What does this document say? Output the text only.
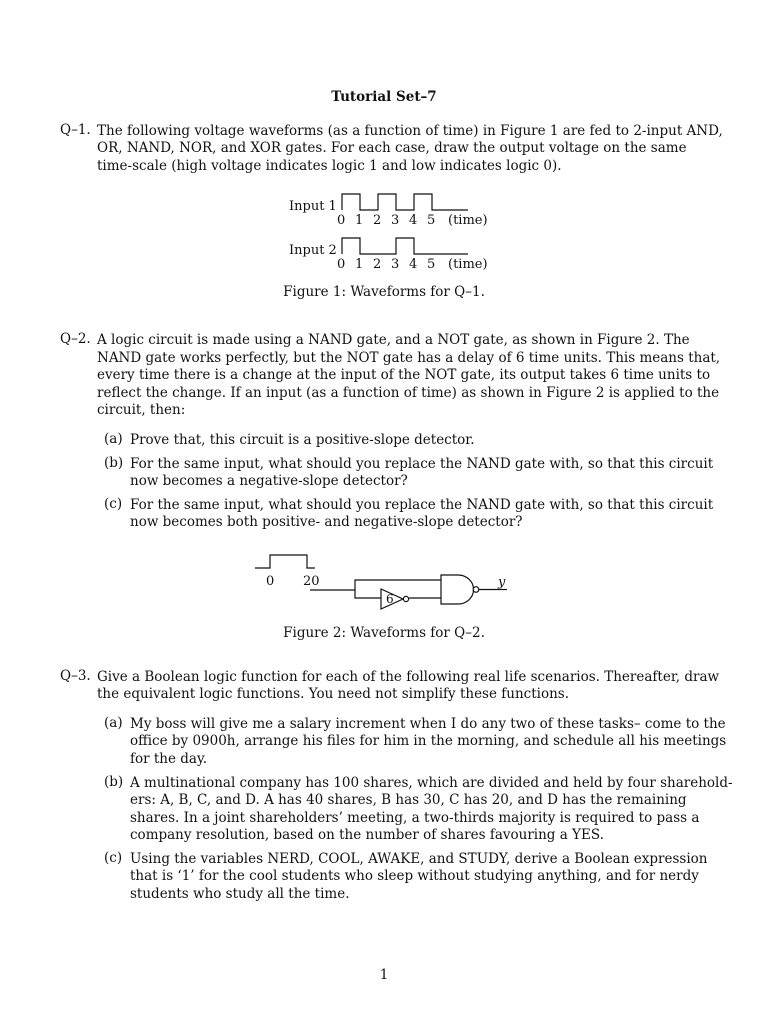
Tutorial Set–7
Q–1. The following voltage waveforms (as a function of time) in Figure 1 are fed to 2-input AND,
OR, NAND, NOR, and XOR gates. For each case, draw the output voltage on the same
time-scale (high voltage indicates logic 1 and low indicates logic 0).
Input 1
0 1 2 3 4 5 (time)
Input 2
0 1 2 3 4 5 (time)
Figure 1: Waveforms for Q–1.
Q–2. A logic circuit is made using a NAND gate, and a NOT gate, as shown in Figure 2. The
NAND gate works perfectly, but the NOT gate has a delay of 6 time units. This means that,
every time there is a change at the input of the NOT gate, its output takes 6 time units to
reflect the change. If an input (as a function of time) as shown in Figure 2 is applied to the
circuit, then:
(a) Prove that, this circuit is a positive-slope detector.
(b) For the same input, what should you replace the NAND gate with, so that this circuit
now becomes a negative-slope detector?
(c) For the same input, what should you replace the NAND gate with, so that this circuit
now becomes both positive- and negative-slope detector?
0 20
6
y
Figure 2: Waveforms for Q–2.
Q–3. Give a Boolean logic function for each of the following real life scenarios. Thereafter, draw
the equivalent logic functions. You need not simplify these functions.
(a) My boss will give me a salary increment when I do any two of these tasks– come to the
office by 0900h, arrange his files for him in the morning, and schedule all his meetings
for the day.
(b) A multinational company has 100 shares, which are divided and held by four sharehold-
ers: A, B, C, and D. A has 40 shares, B has 30, C has 20, and D has the remaining
shares. In a joint shareholders’ meeting, a two-thirds majority is required to pass a
company resolution, based on the number of shares favouring a YES.
(c) Using the variables NERD, COOL, AWAKE, and STUDY, derive a Boolean expression
that is ‘1’ for the cool students who sleep without studying anything, and for nerdy
students who study all the time.
1
